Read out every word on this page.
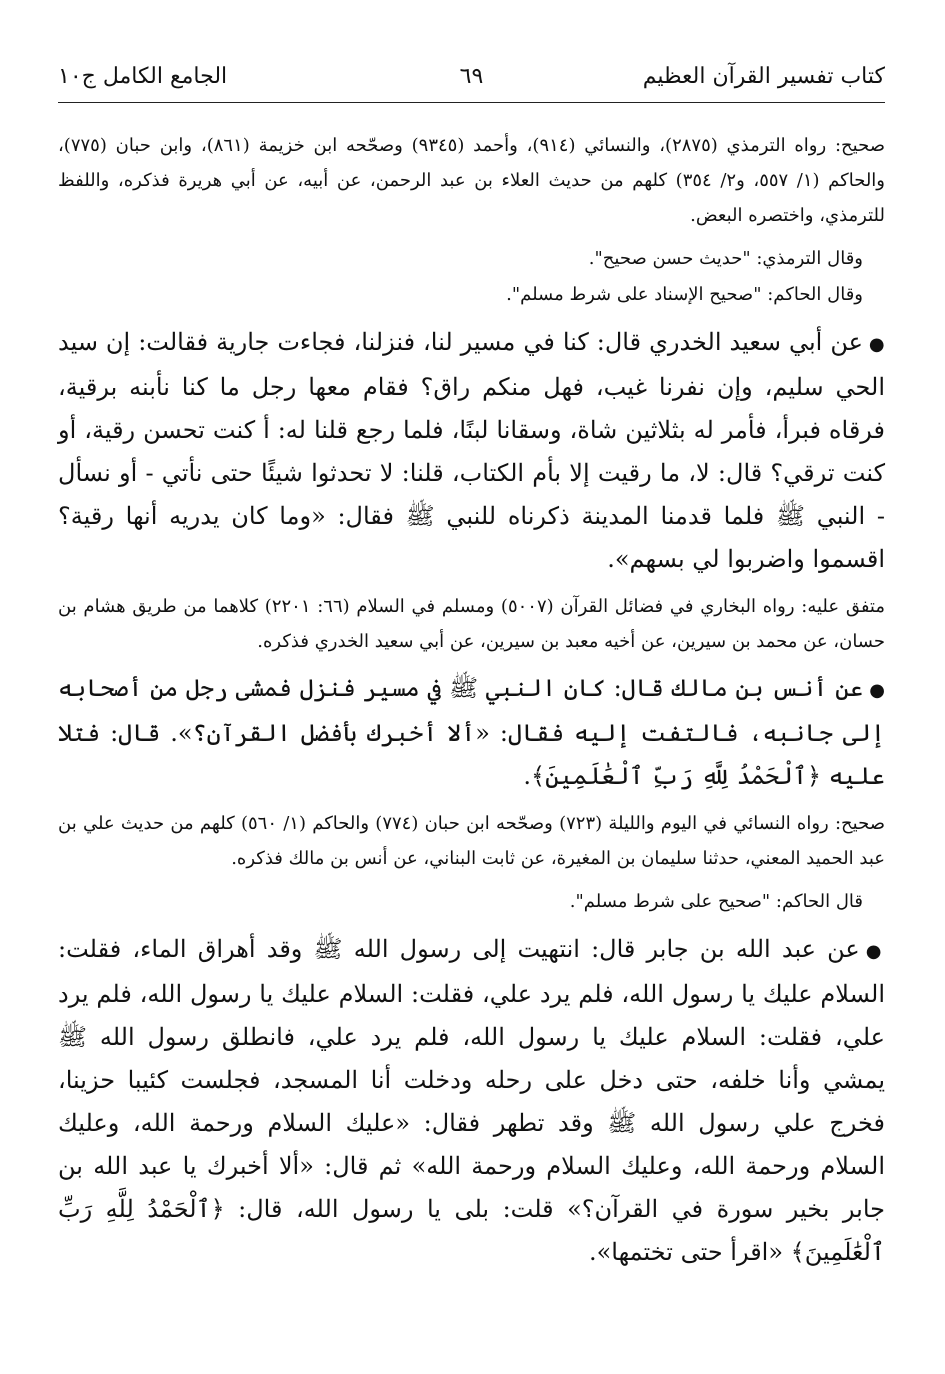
كتاب تفسير القرآن العظيم
٦٩
الجامع الكامل ج١٠

صحيح: رواه الترمذي (٢٨٧٥)، والنسائي (٩١٤)، وأحمد (٩٣٤٥) وصحّحه ابن خزيمة (٨٦١)، وابن حبان (٧٧٥)، والحاكم (١/ ٥٥٧، و٢/ ٣٥٤) كلهم من حديث العلاء بن عبد الرحمن، عن أبيه، عن أبي هريرة فذكره، واللفظ للترمذي، واختصره البعض.

وقال الترمذي: "حديث حسن صحيح".

وقال الحاكم: "صحيح الإسناد على شرط مسلم".

●عن أبي سعيد الخدري قال: كنا في مسير لنا، فنزلنا، فجاءت جارية فقالت: إن سيد الحي سليم، وإن نفرنا غيب، فهل منكم راق؟ فقام معها رجل ما كنا نأبنه برقية، فرقاه فبرأ، فأمر له بثلاثين شاة، وسقانا لبنًا، فلما رجع قلنا له: أ كنت تحسن رقية، أو كنت ترقي؟ قال: لا، ما رقيت إلا بأم الكتاب، قلنا: لا تحدثوا شيئًا حتى نأتي - أو نسأل - النبي ﷺ فلما قدمنا المدينة ذكرناه للنبي ﷺ فقال: «وما كان يدريه أنها رقية؟ اقسموا واضربوا لي بسهم».

متفق عليه: رواه البخاري في فضائل القرآن (٥٠٠٧) ومسلم في السلام (٦٦: ٢٢٠١) كلاهما من طريق هشام بن حسان، عن محمد بن سيرين، عن أخيه معبد بن سيرين، عن أبي سعيد الخدري فذكره.

●عن أنس بن مالك قال: كان النبي ﷺ في مسير فنزل فمشى رجل من أصحابه إلى جانبه، فالتفت إليه فقال: «ألا أخبرك بأفضل القرآن؟». قال: فتلا عليه ﴿ٱلْحَمْدُ لِلَّهِ رَبِّ ٱلْعَٰلَمِينَ﴾.

صحيح: رواه النسائي في اليوم والليلة (٧٢٣) وصحّحه ابن حبان (٧٧٤) والحاكم (١/ ٥٦٠) كلهم من حديث علي بن عبد الحميد المعني، حدثنا سليمان بن المغيرة، عن ثابت البناني، عن أنس بن مالك فذكره.

قال الحاكم: "صحيح على شرط مسلم".

●عن عبد الله بن جابر قال: انتهيت إلى رسول الله ﷺ وقد أهراق الماء، فقلت: السلام عليك يا رسول الله، فلم يرد علي، فقلت: السلام عليك يا رسول الله، فلم يرد علي، فقلت: السلام عليك يا رسول الله، فلم يرد علي، فانطلق رسول الله ﷺ يمشي وأنا خلفه، حتى دخل على رحله ودخلت أنا المسجد، فجلست كئيبا حزينا، فخرج علي رسول الله ﷺ وقد تطهر فقال: «عليك السلام ورحمة الله، وعليك السلام ورحمة الله، وعليك السلام ورحمة الله» ثم قال: «ألا أخبرك يا عبد الله بن جابر بخير سورة في القرآن؟» قلت: بلى يا رسول الله، قال: ﴿ٱلْحَمْدُ لِلَّهِ رَبِّ ٱلْعَٰلَمِينَ﴾ «اقرأ حتى تختمها».
